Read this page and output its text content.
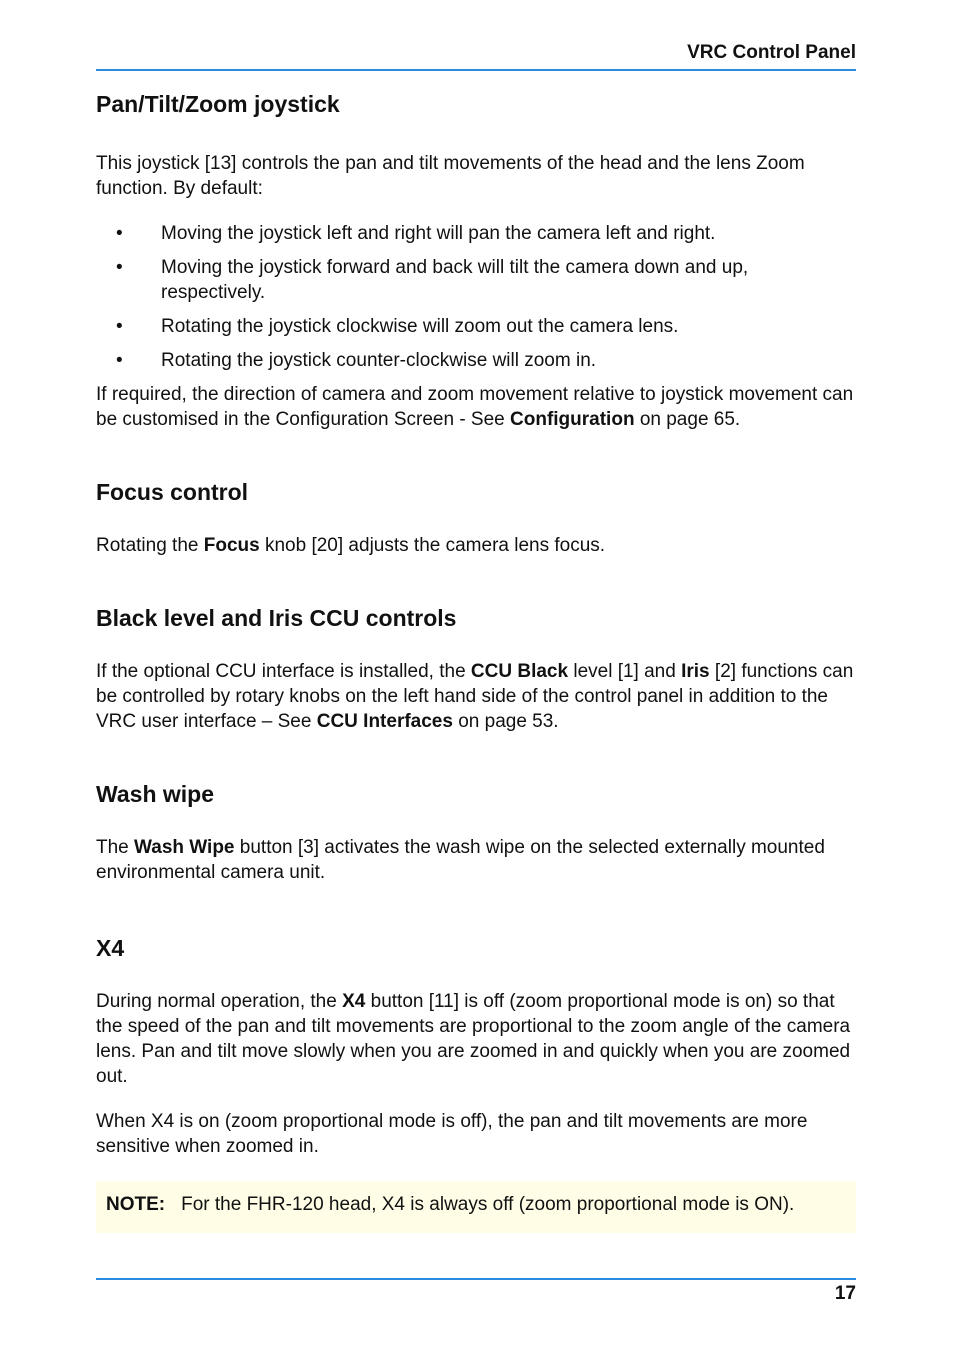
VRC Control Panel
Pan/Tilt/Zoom joystick

This joystick [13] controls the pan and tilt movements of the head and the lens Zoom function. By default:

• Moving the joystick left and right will pan the camera left and right.
• Moving the joystick forward and back will tilt the camera down and up, respectively.
• Rotating the joystick clockwise will zoom out the camera lens.
• Rotating the joystick counter-clockwise will zoom in.

If required, the direction of camera and zoom movement relative to joystick movement can be customised in the Configuration Screen - See Configuration on page 65.

Focus control

Rotating the Focus knob [20] adjusts the camera lens focus.

Black level and Iris CCU controls

If the optional CCU interface is installed, the CCU Black level [1] and Iris [2] functions can be controlled by rotary knobs on the left hand side of the control panel in addition to the VRC user interface – See CCU Interfaces on page 53.

Wash wipe

The Wash Wipe button [3] activates the wash wipe on the selected externally mounted environmental camera unit.

X4

During normal operation, the X4 button [11] is off (zoom proportional mode is on) so that the speed of the pan and tilt movements are proportional to the zoom angle of the camera lens. Pan and tilt move slowly when you are zoomed in and quickly when you are zoomed out.

When X4 is on (zoom proportional mode is off), the pan and tilt movements are more sensitive when zoomed in.

NOTE: For the FHR-120 head, X4 is always off (zoom proportional mode is ON).
17
